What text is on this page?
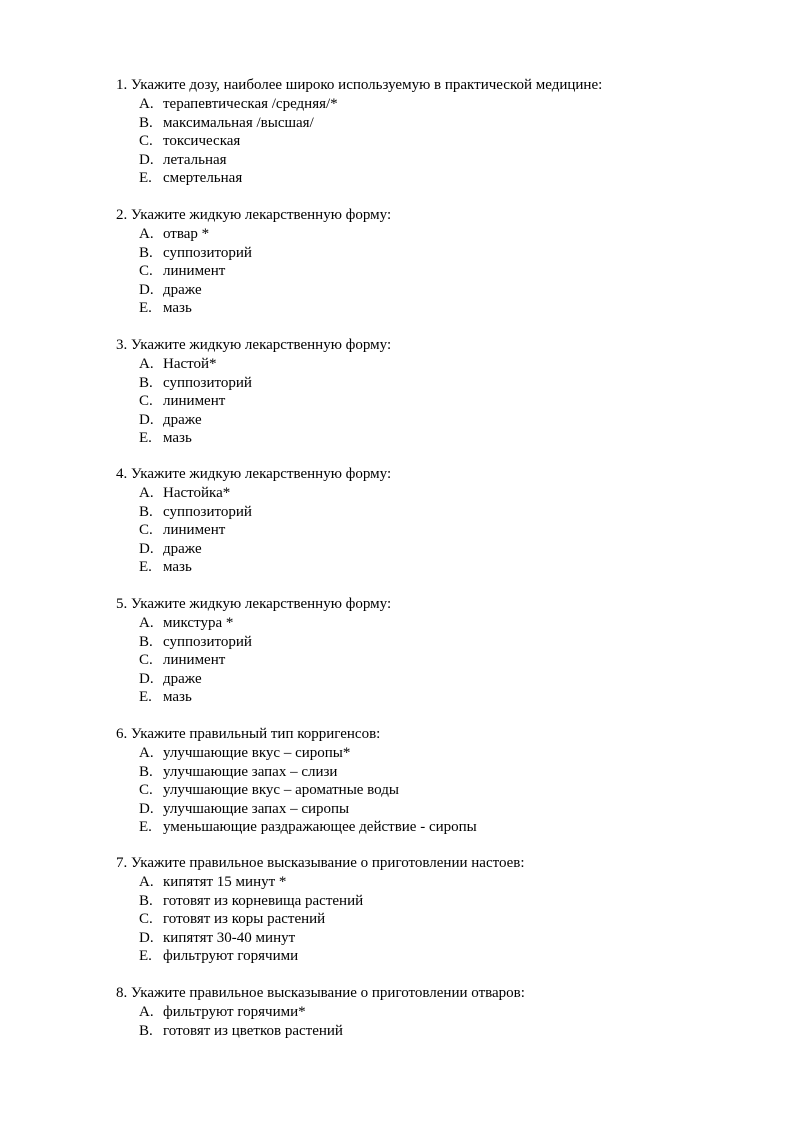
1. Укажите дозу, наиболее широко используемую в практической медицине:
A. терапевтическая /средняя/*
B. максимальная /высшая/
C. токсическая
D. летальная
E. смертельная
2. Укажите жидкую лекарственную форму:
A. отвар *
B. суппозиторий
C. линимент
D. драже
E. мазь
3. Укажите жидкую лекарственную форму:
A. Настой*
B. суппозиторий
C. линимент
D. драже
E. мазь
4. Укажите жидкую лекарственную форму:
A. Настойка*
B. суппозиторий
C. линимент
D. драже
E. мазь
5. Укажите жидкую лекарственную форму:
A. микстура *
B. суппозиторий
C. линимент
D. драже
E. мазь
6. Укажите правильный тип корригенсов:
A. улучшающие вкус – сиропы*
B. улучшающие запах – слизи
C. улучшающие вкус – ароматные воды
D. улучшающие запах – сиропы
E. уменьшающие раздражающее действие - сиропы
7. Укажите правильное высказывание о приготовлении настоев:
A. кипятят 15 минут *
B. готовят из корневища растений
C. готовят из коры растений
D. кипятят 30-40 минут
E. фильтруют горячими
8. Укажите правильное высказывание о приготовлении отваров:
A. фильтруют горячими*
B. готовят из цветков растений
